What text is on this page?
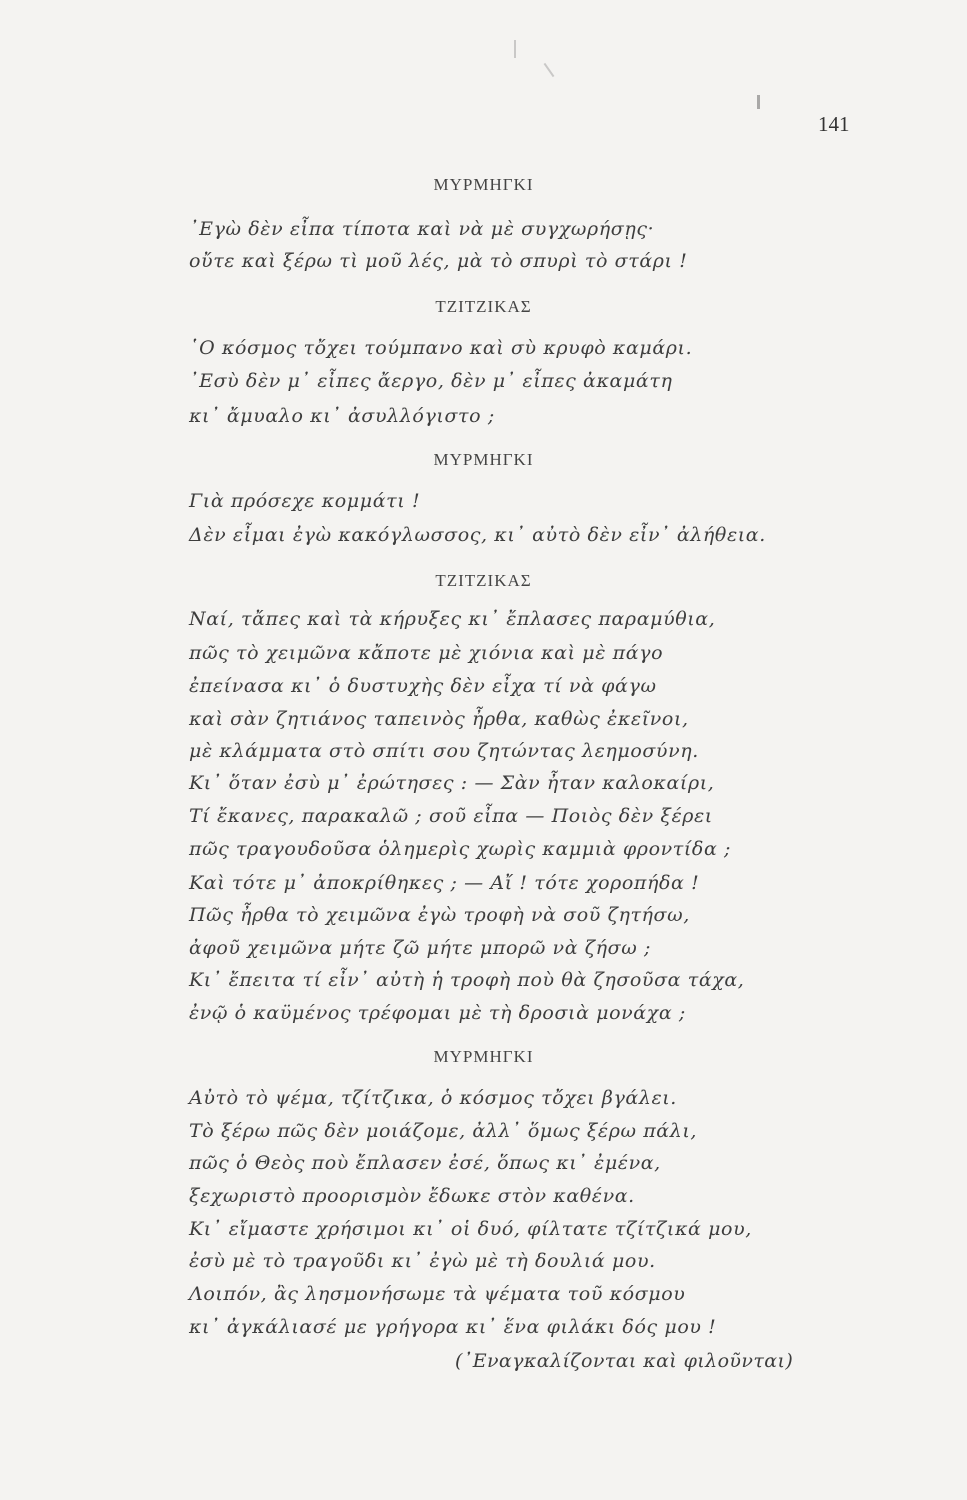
141
ΜΥΡΜΗΓΚΙ
᾿Εγὼ δὲν εἶπα τίποτα καὶ νὰ μὲ συγχωρήσῃς·
οὔτε καὶ ξέρω τὶ μοῦ λές, μὰ τὸ σπυρὶ τὸ στάρι !
ΤΖΙΤΖΙΚΑΣ
῾Ο κόσμος τὄχει τούμπανο καὶ σὺ κρυφὸ καμάρι.
᾿Εσὺ δὲν μ᾿ εἶπες ἄεργο, δὲν μ᾿ εἶπες ἀκαμάτη
κι᾿ ἄμυαλο κι᾿ ἀσυλλόγιστο ;
ΜΥΡΜΗΓΚΙ
Γιὰ πρόσεχε κομμάτι !
Δὲν εἶμαι ἐγὼ κακόγλωσσος, κι᾿ αὐτὸ δὲν εἶν᾿ ἀλήθεια.
ΤΖΙΤΖΙΚΑΣ
Ναί, τἄπες καὶ τὰ κήρυξες κι᾿ ἔπλασες παραμύθια,
πῶς τὸ χειμῶνα κἄποτε μὲ χιόνια καὶ μὲ πάγο
ἐπείνασα κι᾿ ὁ δυστυχὴς δὲν εἶχα τί νὰ φάγω
καὶ σὰν ζητιάνος ταπεινὸς ἦρθα, καθὼς ἐκεῖνοι,
μὲ κλάμματα στὸ σπίτι σου ζητώντας λεημοσύνη.
Κι᾿ ὅταν ἐσὺ μ᾿ ἐρώτησες : — Σὰν ἦταν καλοκαίρι,
Τί ἔκανες, παρακαλῶ ; σοῦ εἶπα — Ποιὸς δὲν ξέρει
πῶς τραγουδοῦσα ὁλημερὶς χωρὶς καμμιὰ φροντίδα ;
Καὶ τότε μ᾿ ἀποκρίθηκες ; — Αἴ ! τότε χοροπήδα !
Πῶς ἦρθα τὸ χειμῶνα ἐγὼ τροφὴ νὰ σοῦ ζητήσω,
ἀφοῦ χειμῶνα μήτε ζῶ μήτε μπορῶ νὰ ζήσω ;
Κι᾿ ἔπειτα τί εἶν᾿ αὐτὴ ἡ τροφὴ ποὺ θὰ ζησοῦσα τάχα,
ἐνῷ ὁ καϋμένος τρέφομαι μὲ τὴ δροσιὰ μονάχα ;
ΜΥΡΜΗΓΚΙ
Αὐτὸ τὸ ψέμα, τζίτζικα, ὁ κόσμος τὄχει βγάλει.
Τὸ ξέρω πῶς δὲν μοιάζομε, ἀλλ᾿ ὅμως ξέρω πάλι,
πῶς ὁ Θεὸς ποὺ ἔπλασεν ἐσέ, ὅπως κι᾿ ἐμένα,
ξεχωριστὸ προορισμὸν ἔδωκε στὸν καθένα.
Κι᾿ εἴμαστε χρήσιμοι κι᾿ οἱ δυό, φίλτατε τζίτζικά μου,
ἐσὺ μὲ τὸ τραγοῦδι κι᾿ ἐγὼ μὲ τὴ δουλιά μου.
Λοιπόν, ἂς λησμονήσωμε τὰ ψέματα τοῦ κόσμου
κι᾿ ἀγκάλιασέ με γρήγορα κι᾿ ἕνα φιλάκι δός μου !
(᾿Εναγκαλίζονται καὶ φιλοῦνται)
